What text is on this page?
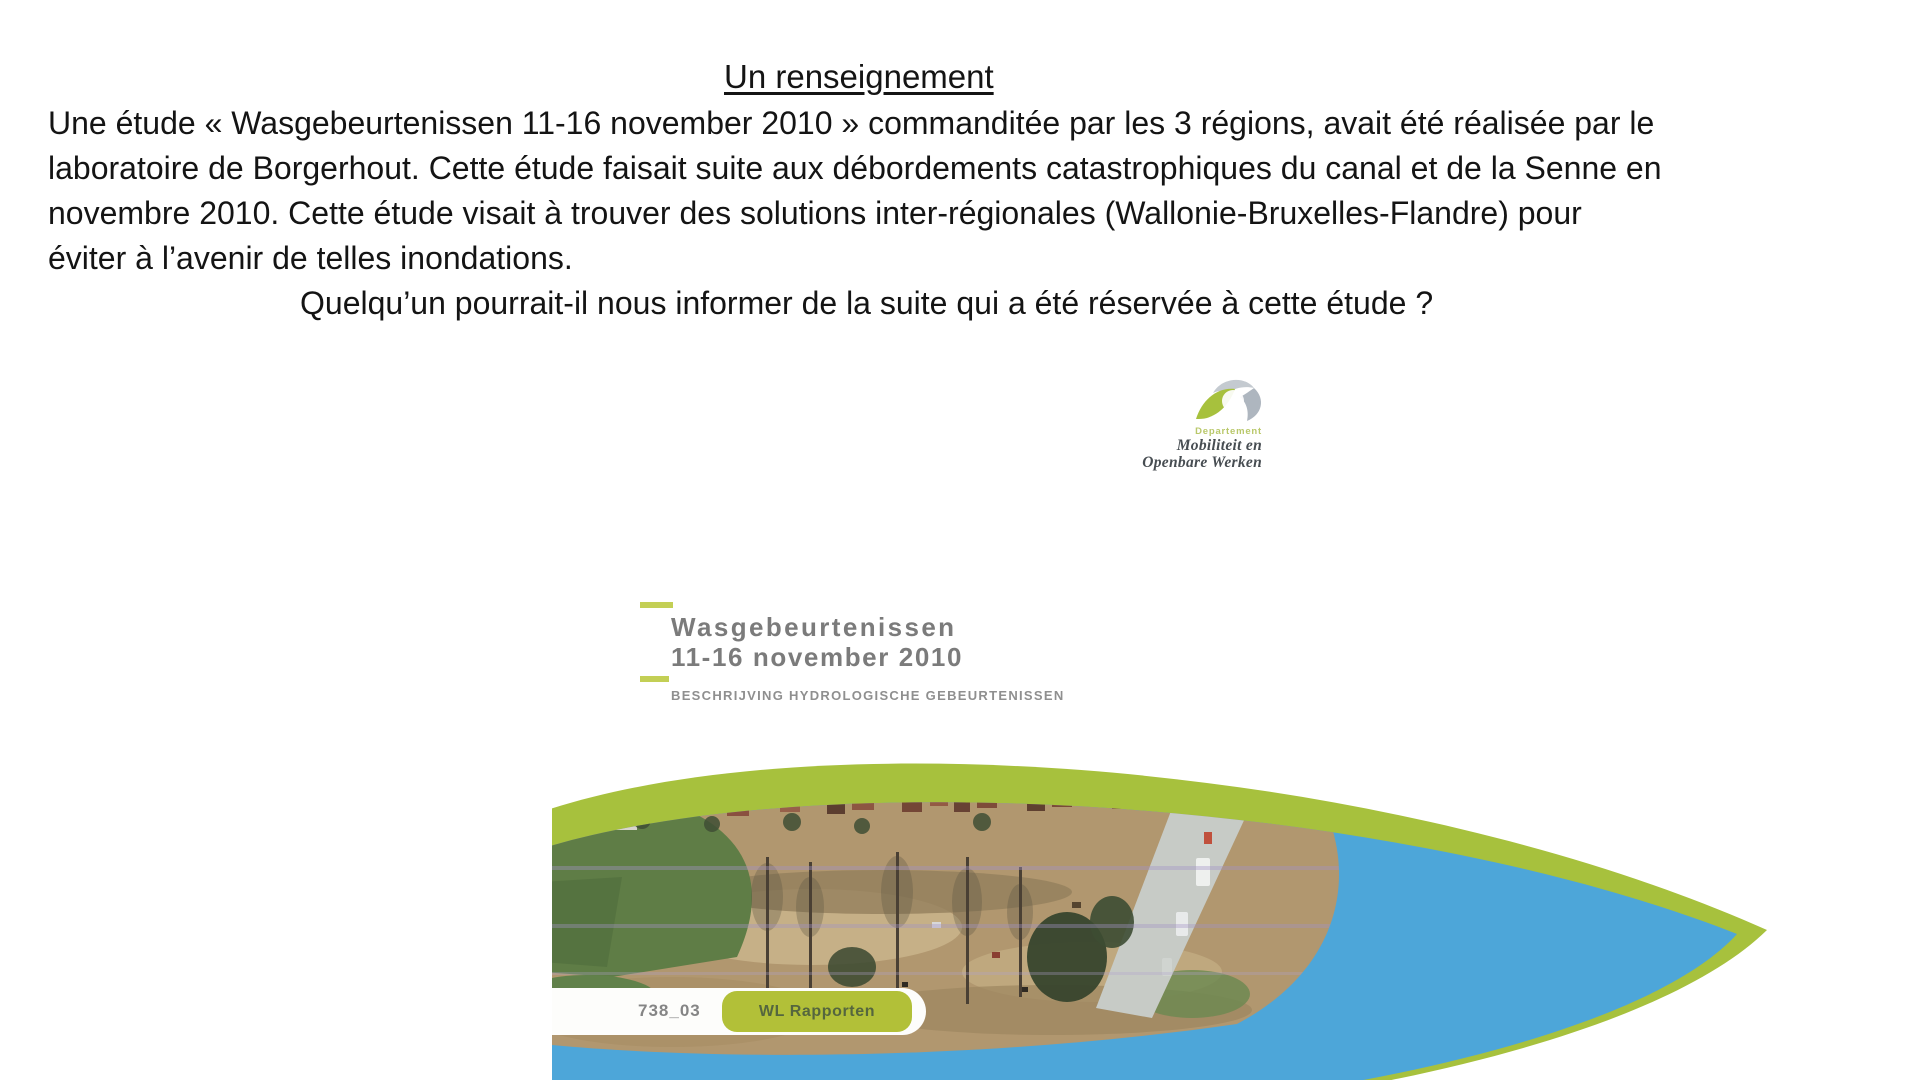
Un renseignement
Une étude « Wasgebeurtenissen 11-16 november 2010 » commanditée par les 3 régions, avait été réalisée par le
laboratoire de Borgerhout. Cette étude faisait suite aux débordements catastrophiques du canal et de la Senne en
novembre 2010. Cette étude visait à trouver des solutions inter-régionales (Wallonie-Bruxelles-Flandre) pour
éviter à l’avenir de telles inondations.
Quelqu’un pourrait-il nous informer de la suite qui a été réservée à cette étude ?
Departement
Mobiliteit en
Openbare Werken
Wasgebeurtenissen
11-16 november 2010
BESCHRIJVING HYDROLOGISCHE GEBEURTENISSEN
738_03	WL Rapporten
